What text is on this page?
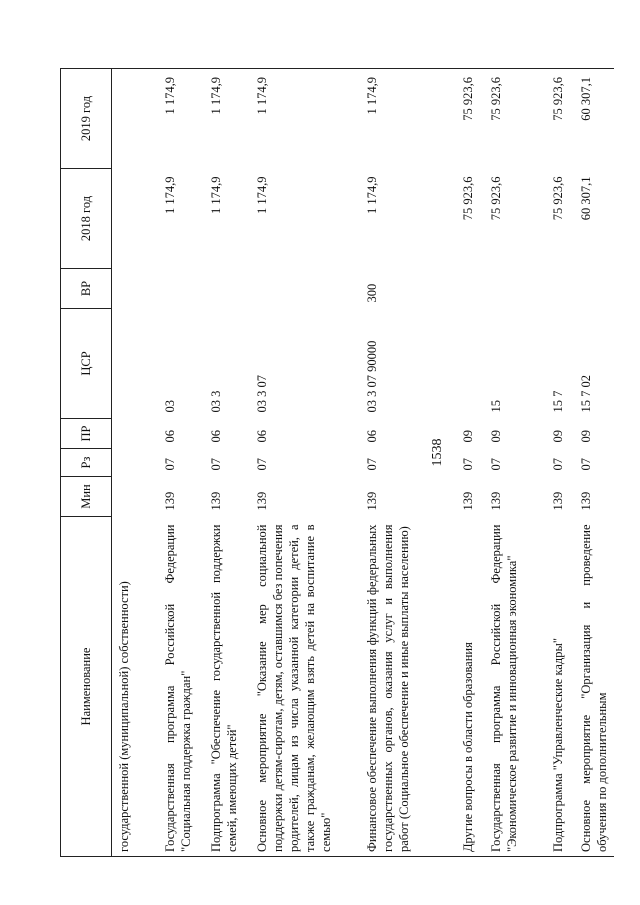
1538
Наименование	Мин	Рз	ПР	ЦСР	ВР	2018 год	2019 год
государственной (муниципальной) собственности)							
Государственная программа Российской Федерации "Социальная поддержка граждан"	139	07	06	03		1 174,9	1 174,9
Подпрограмма "Обеспечение государственной поддержки семей, имеющих детей"	139	07	06	03 3		1 174,9	1 174,9
Основное мероприятие "Оказание мер социальной поддержки детям-сиротам, детям, оставшимся без попечения родителей, лицам из числа указанной категории детей, а также гражданам, желающим взять детей на воспитание в семью"	139	07	06	03 3 07		1 174,9	1 174,9
Финансовое обеспечение выполнения функций федеральных государственных органов, оказания услуг и выполнения работ (Социальное обеспечение и иные выплаты населению)	139	07	06	03 3 07 90000	300	1 174,9	1 174,9
Другие вопросы в области образования	139	07	09			75 923,6	75 923,6
Государственная программа Российской Федерации "Экономическое развитие и инновационная экономика"	139	07	09	15		75 923,6	75 923,6
Подпрограмма "Управленческие кадры"	139	07	09	15 7		75 923,6	75 923,6
Основное мероприятие "Организация и проведение обучения по дополнительным	139	07	09	15 7 02		60 307,1	60 307,1
